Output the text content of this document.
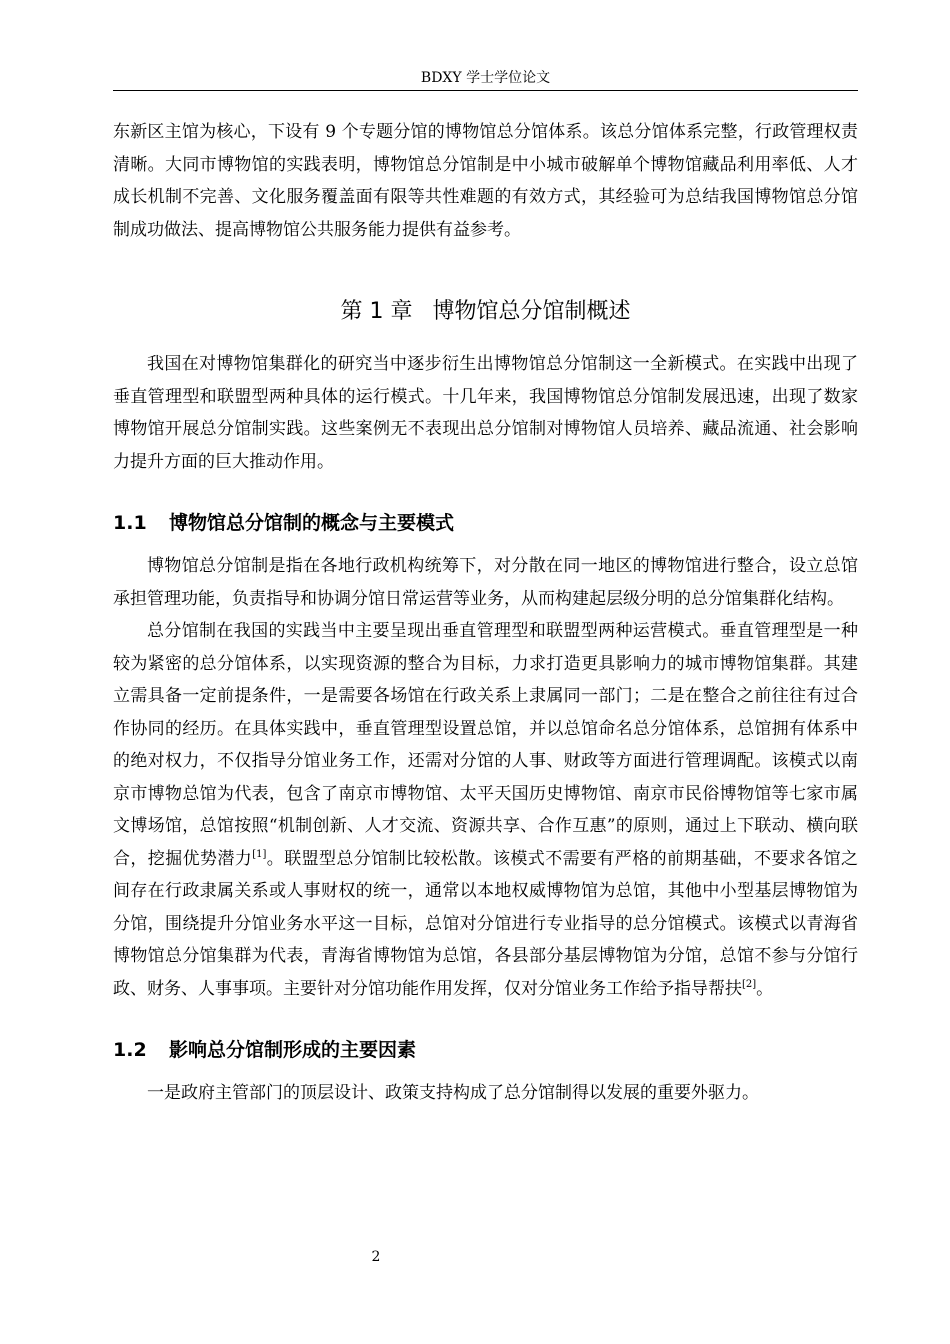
BDXY 学士学位论文

东新区主馆为核心，下设有 9 个专题分馆的博物馆总分馆体系。该总分馆体系完整，行政管理权责清晰。大同市博物馆的实践表明，博物馆总分馆制是中小城市破解单个博物馆藏品利用率低、人才成长机制不完善、文化服务覆盖面有限等共性难题的有效方式，其经验可为总结我国博物馆总分馆制成功做法、提高博物馆公共服务能力提供有益参考。

第 1 章 博物馆总分馆制概述

我国在对博物馆集群化的研究当中逐步衍生出博物馆总分馆制这一全新模式。在实践中出现了垂直管理型和联盟型两种具体的运行模式。十几年来，我国博物馆总分馆制发展迅速，出现了数家博物馆开展总分馆制实践。这些案例无不表现出总分馆制对博物馆人员培养、藏品流通、社会影响力提升方面的巨大推动作用。

1.1 博物馆总分馆制的概念与主要模式

博物馆总分馆制是指在各地行政机构统筹下，对分散在同一地区的博物馆进行整合，设立总馆承担管理功能，负责指导和协调分馆日常运营等业务，从而构建起层级分明的总分馆集群化结构。

总分馆制在我国的实践当中主要呈现出垂直管理型和联盟型两种运营模式。垂直管理型是一种较为紧密的总分馆体系，以实现资源的整合为目标，力求打造更具影响力的城市博物馆集群。其建立需具备一定前提条件，一是需要各场馆在行政关系上隶属同一部门；二是在整合之前往往有过合作协同的经历。在具体实践中，垂直管理型设置总馆，并以总馆命名总分馆体系，总馆拥有体系中的绝对权力，不仅指导分馆业务工作，还需对分馆的人事、财政等方面进行管理调配。该模式以南京市博物总馆为代表，包含了南京市博物馆、太平天国历史博物馆、南京市民俗博物馆等七家市属文博场馆，总馆按照“机制创新、人才交流、资源共享、合作互惠”的原则，通过上下联动、横向联合，挖掘优势潜力[1]。联盟型总分馆制比较松散。该模式不需要有严格的前期基础，不要求各馆之间存在行政隶属关系或人事财权的统一，通常以本地权威博物馆为总馆，其他中小型基层博物馆为分馆，围绕提升分馆业务水平这一目标，总馆对分馆进行专业指导的总分馆模式。该模式以青海省博物馆总分馆集群为代表，青海省博物馆为总馆，各县部分基层博物馆为分馆，总馆不参与分馆行政、财务、人事事项。主要针对分馆功能作用发挥，仅对分馆业务工作给予指导帮扶[2]。

1.2 影响总分馆制形成的主要因素

一是政府主管部门的顶层设计、政策支持构成了总分馆制得以发展的重要外驱力。

2
